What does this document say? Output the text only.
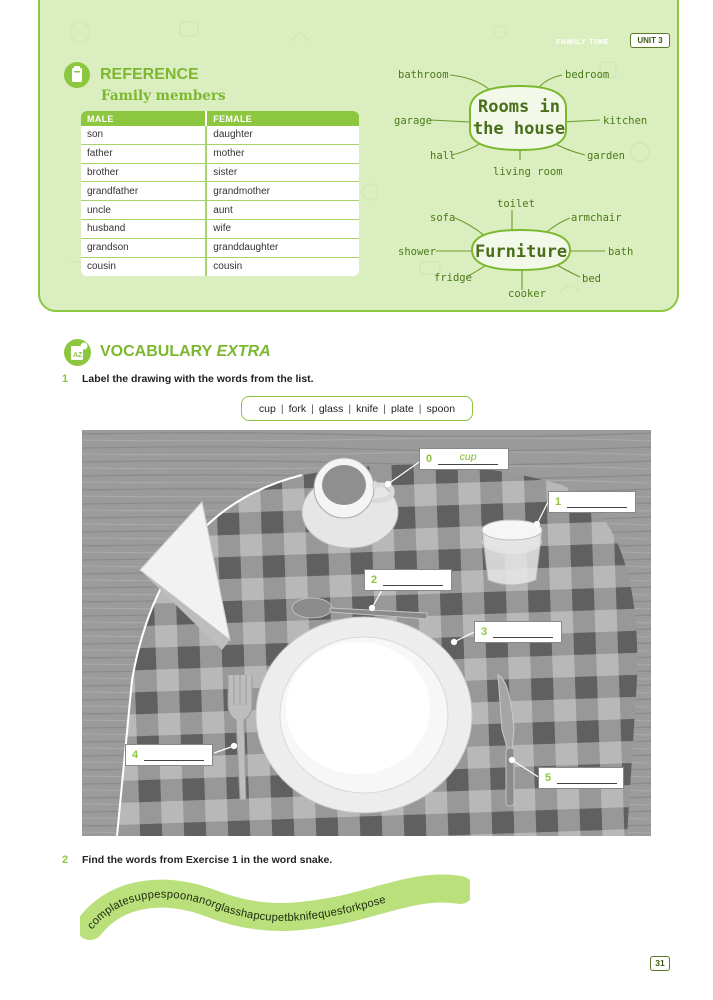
FAMILY TIME	UNIT 3
REFERENCE
Family members
MALE	FEMALE
son	daughter
father	mother
brother	sister
grandfather	grandmother
uncle	aunt
husband	wife
grandson	granddaughter
cousin	cousin
Rooms in
the house
Furniture
bathroom	bedroom
garage	kitchen
hall	garden
living room
toilet
sofa	armchair
shower	bath
fridge	bed
cooker
AZ VOCABULARY EXTRA
1 Label the drawing with the words from the list.
cup | fork | glass | knife | plate | spoon
0	cup
1
2
3
4
5
2 Find the words from Exercise 1 in the word snake.
complatesuppespoonanorglasshapcupetbknifequesforkpose
31
